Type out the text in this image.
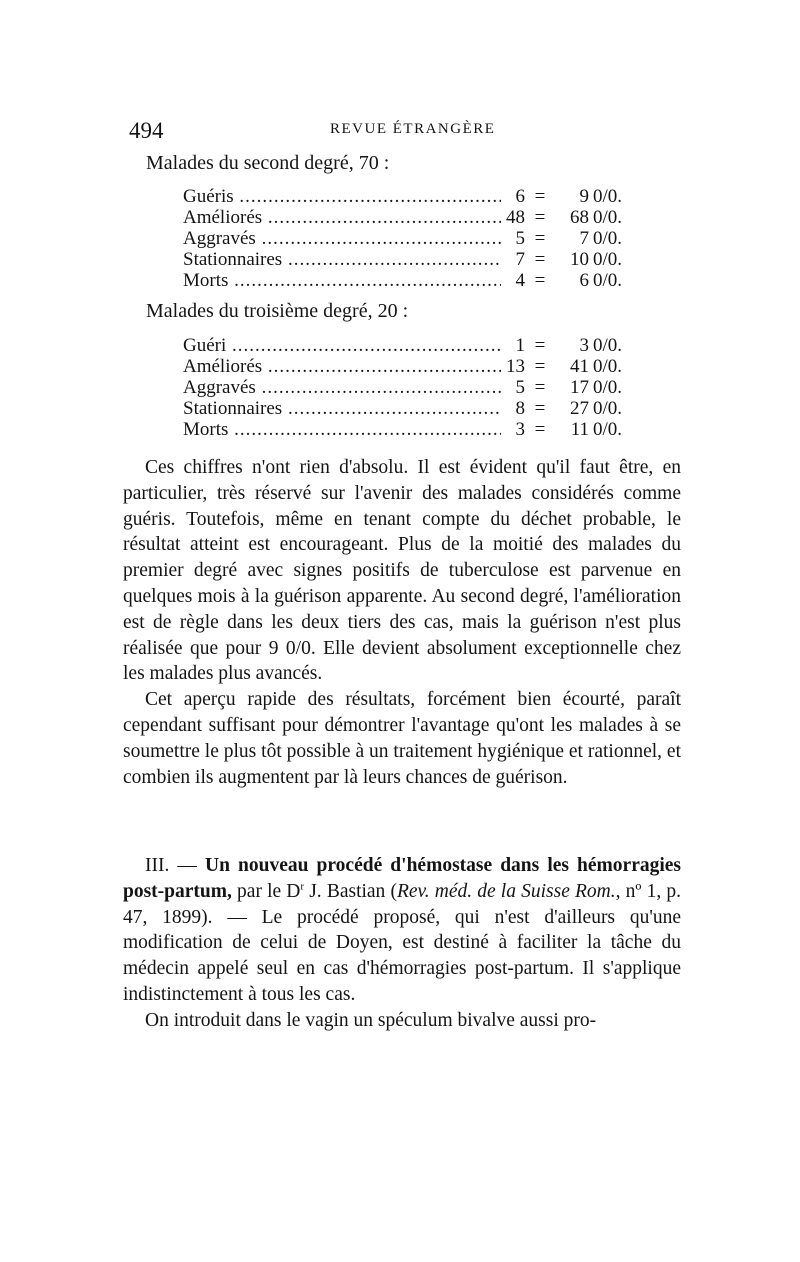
494	REVUE ÉTRANGÈRE
Malades du second degré, 70 :
Guéris .....	6 =	9 0/0.
Améliorés .....	48 =	68 0/0.
Aggravés .....	5 =	7 0/0.
Stationnaires .....	7 =	10 0/0.
Morts .....	4 =	6 0/0.
Malades du troisième degré, 20 :
Guéri .....	1 =	3 0/0.
Améliorés .....	13 =	41 0/0.
Aggravés .....	5 =	17 0/0.
Stationnaires .....	8 =	27 0/0.
Morts .....	3 =	11 0/0.

Ces chiffres n'ont rien d'absolu. Il est évident qu'il faut être, en particulier, très réservé sur l'avenir des malades considérés comme guéris. Toutefois, même en tenant compte du déchet probable, le résultat atteint est encourageant. Plus de la moitié des malades du premier degré avec signes positifs de tuberculose est parvenue en quelques mois à la guérison apparente. Au second degré, l'amélioration est de règle dans les deux tiers des cas, mais la guérison n'est plus réalisée que pour 9 0/0. Elle devient absolument exceptionnelle chez les malades plus avancés.

Cet aperçu rapide des résultats, forcément bien écourté, paraît cependant suffisant pour démontrer l'avantage qu'ont les malades à se soumettre le plus tôt possible à un traitement hygiénique et rationnel, et combien ils augmentent par là leurs chances de guérison.

III. — Un nouveau procédé d'hémostase dans les hémorragies post-partum, par le $D^r$ J. Bastian (Rev. méd. de la Suisse Rom., nº 1, p. 47, 1899). — Le procédé proposé, qui n'est d'ailleurs qu'une modification de celui de Doyen, est destiné à faciliter la tâche du médecin appelé seul en cas d'hémorragies post-partum. Il s'applique indistinctement à tous les cas.

On introduit dans le vagin un spéculum bivalve aussi pro-
